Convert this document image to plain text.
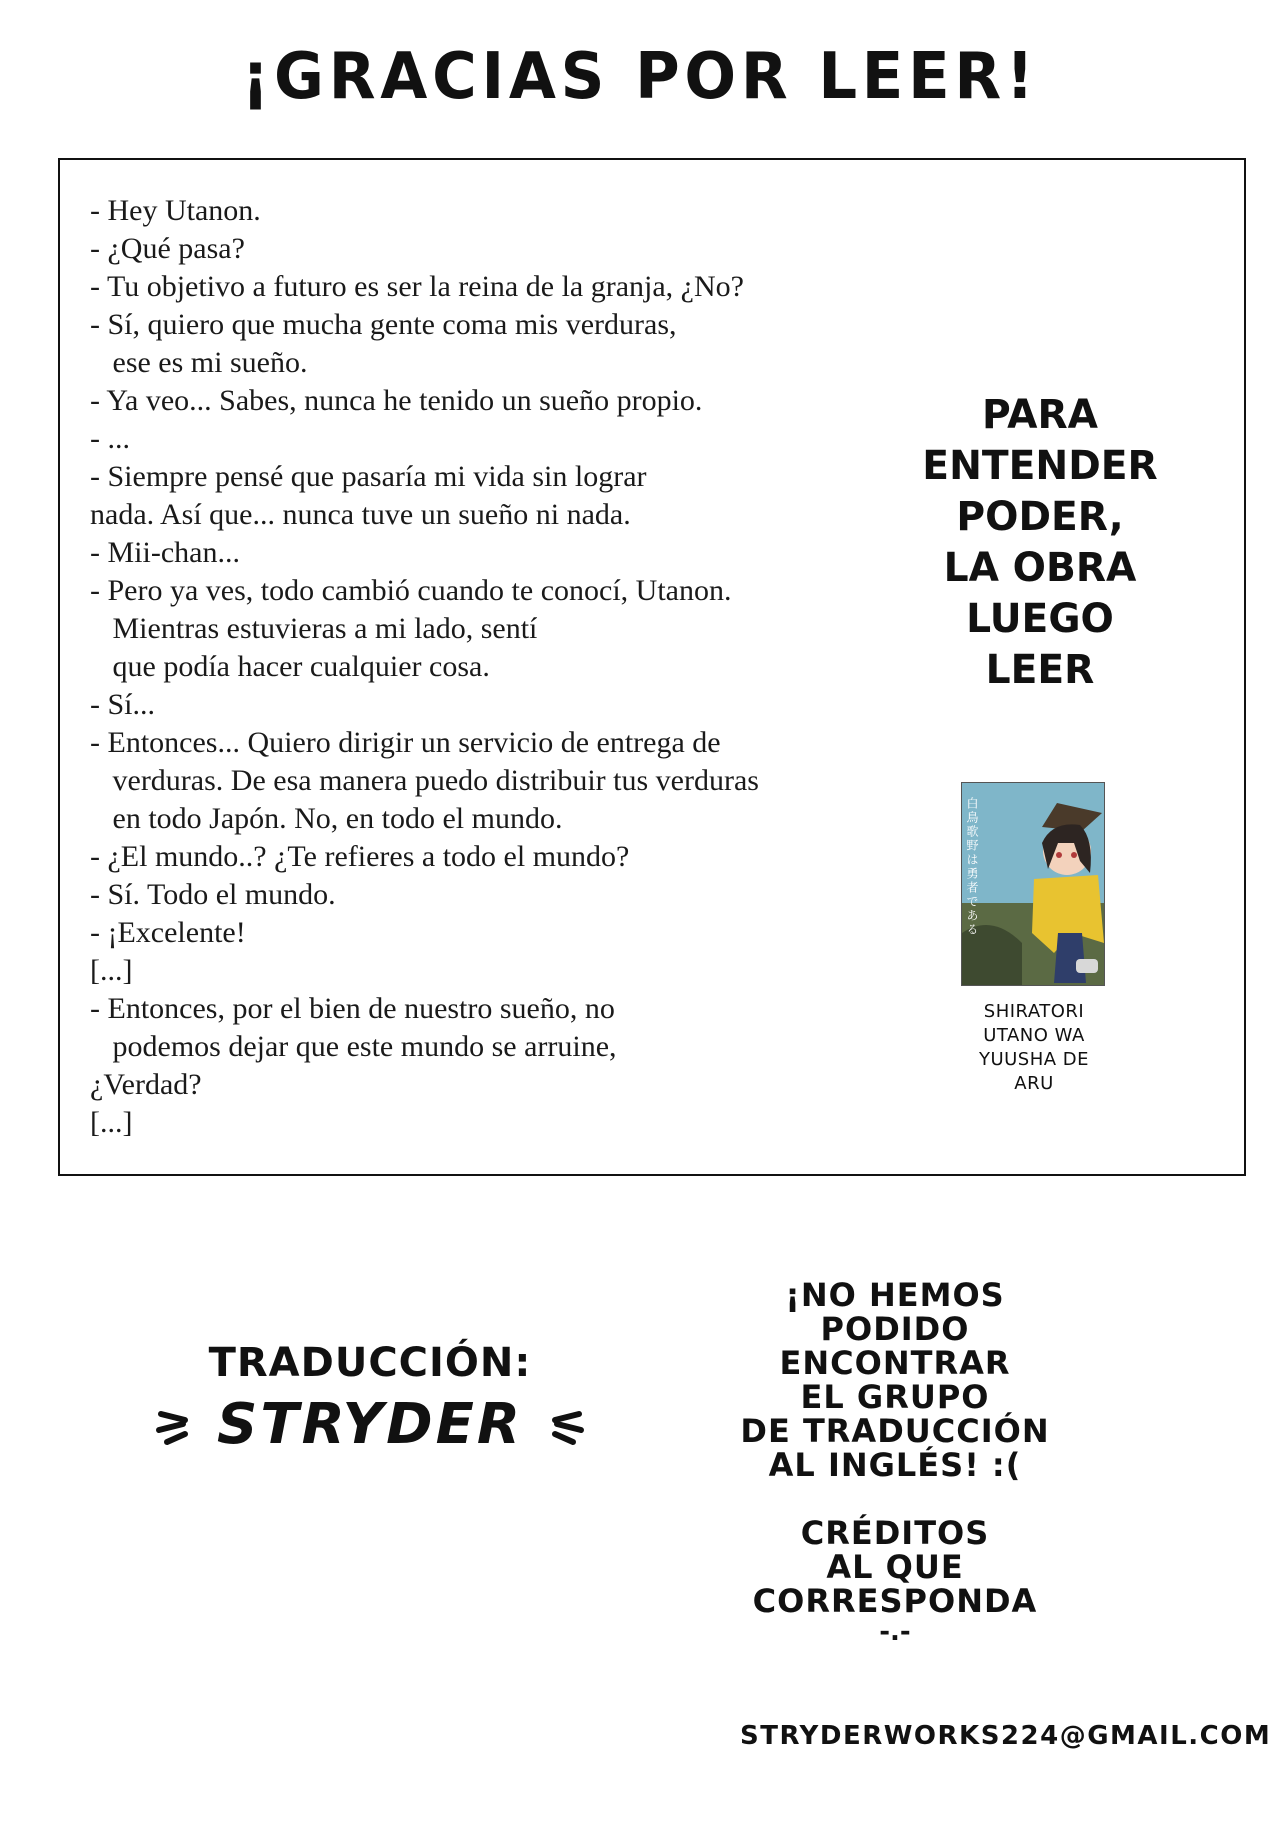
¡GRACIAS POR LEER!
- Hey Utanon.
- ¿Qué pasa?
- Tu objetivo a futuro es ser la reina de la granja, ¿No?
- Sí, quiero que mucha gente coma mis verduras,
ese es mi sueño.
- Ya veo... Sabes, nunca he tenido un sueño propio.
- ...
- Siempre pensé que pasaría mi vida sin lograr
nada. Así que... nunca tuve un sueño ni nada.
- Mii-chan...
- Pero ya ves, todo cambió cuando te conocí, Utanon.
Mientras estuvieras a mi lado, sentí
que podía hacer cualquier cosa.
- Sí...
- Entonces... Quiero dirigir un servicio de entrega de
verduras. De esa manera puedo distribuir tus verduras
en todo Japón. No, en todo el mundo.
- ¿El mundo..? ¿Te refieres a todo el mundo?
- Sí. Todo el mundo.
- ¡Excelente!
[...]
- Entonces, por el bien de nuestro sueño, no
podemos dejar que este mundo se arruine,
¿Verdad?
[...]
PARA
ENTENDER
PODER,
LA OBRA
LUEGO
LEER
白鳥歌野は勇者である
SHIRATORI
UTANO WA
YUUSHA DE
ARU
TRADUCCIÓN:
STRYDER
¡NO HEMOS
PODIDO
ENCONTRAR
EL GRUPO
DE TRADUCCIÓN
AL INGLÉS! :(
CRÉDITOS
AL QUE
CORRESPONDA
-.-
STRYDERWORKS224@GMAIL.COM
